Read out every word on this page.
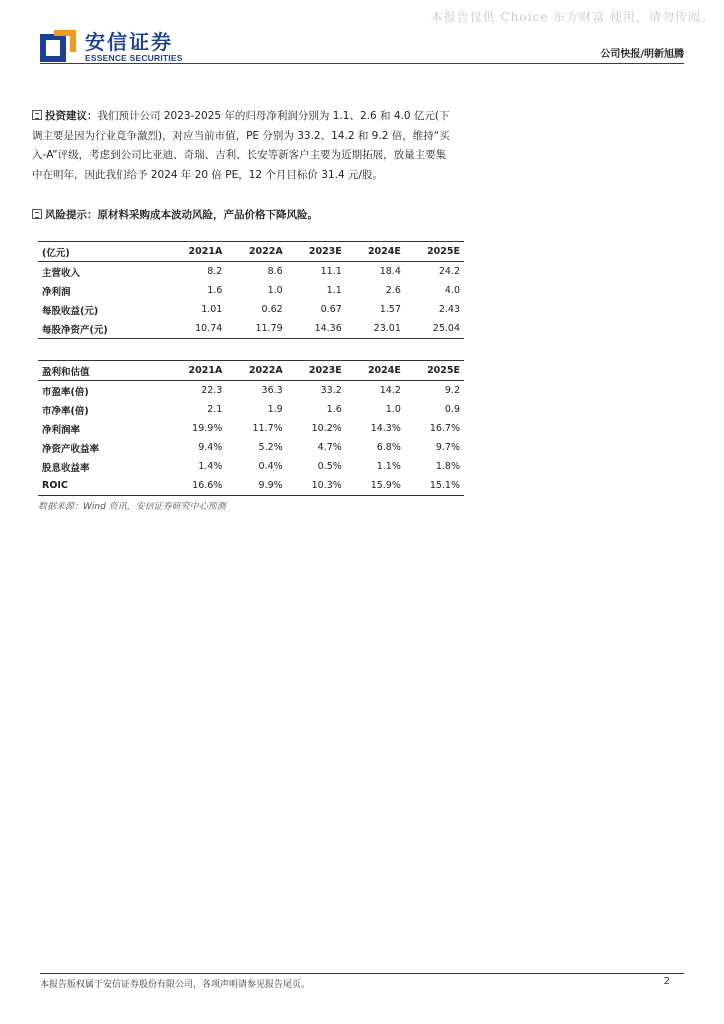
本报告仅供 Choice 东方财富 使用，请勿传阅。
安信证券
ESSENCE SECURITIES	公司快报/明新旭腾
投资建议：我们预计公司 2023-2025 年的归母净利润分别为 1.1、2.6 和 4.0 亿元(下调主要是因为行业竞争激烈)，对应当前市值，PE 分别为 33.2、14.2 和 9.2 倍，维持“买入-A”评级，考虑到公司比亚迪、奇瑞、吉利、长安等新客户主要为近期拓展，放量主要集中在明年，因此我们给予 2024 年 20 倍 PE，12 个月目标价 31.4 元/股。
风险提示：原材料采购成本波动风险，产品价格下降风险。
(亿元)	2021A	2022A	2023E	2024E	2025E
主营收入	8.2	8.6	11.1	18.4	24.2
净利润	1.6	1.0	1.1	2.6	4.0
每股收益(元)	1.01	0.62	0.67	1.57	2.43
每股净资产(元)	10.74	11.79	14.36	23.01	25.04
盈利和估值	2021A	2022A	2023E	2024E	2025E
市盈率(倍)	22.3	36.3	33.2	14.2	9.2
市净率(倍)	2.1	1.9	1.6	1.0	0.9
净利润率	19.9%	11.7%	10.2%	14.3%	16.7%
净资产收益率	9.4%	5.2%	4.7%	6.8%	9.7%
股息收益率	1.4%	0.4%	0.5%	1.1%	1.8%
ROIC	16.6%	9.9%	10.3%	15.9%	15.1%
数据来源：Wind 资讯，安信证券研究中心预测
本报告版权属于安信证券股份有限公司，各项声明请参见报告尾页。	2
